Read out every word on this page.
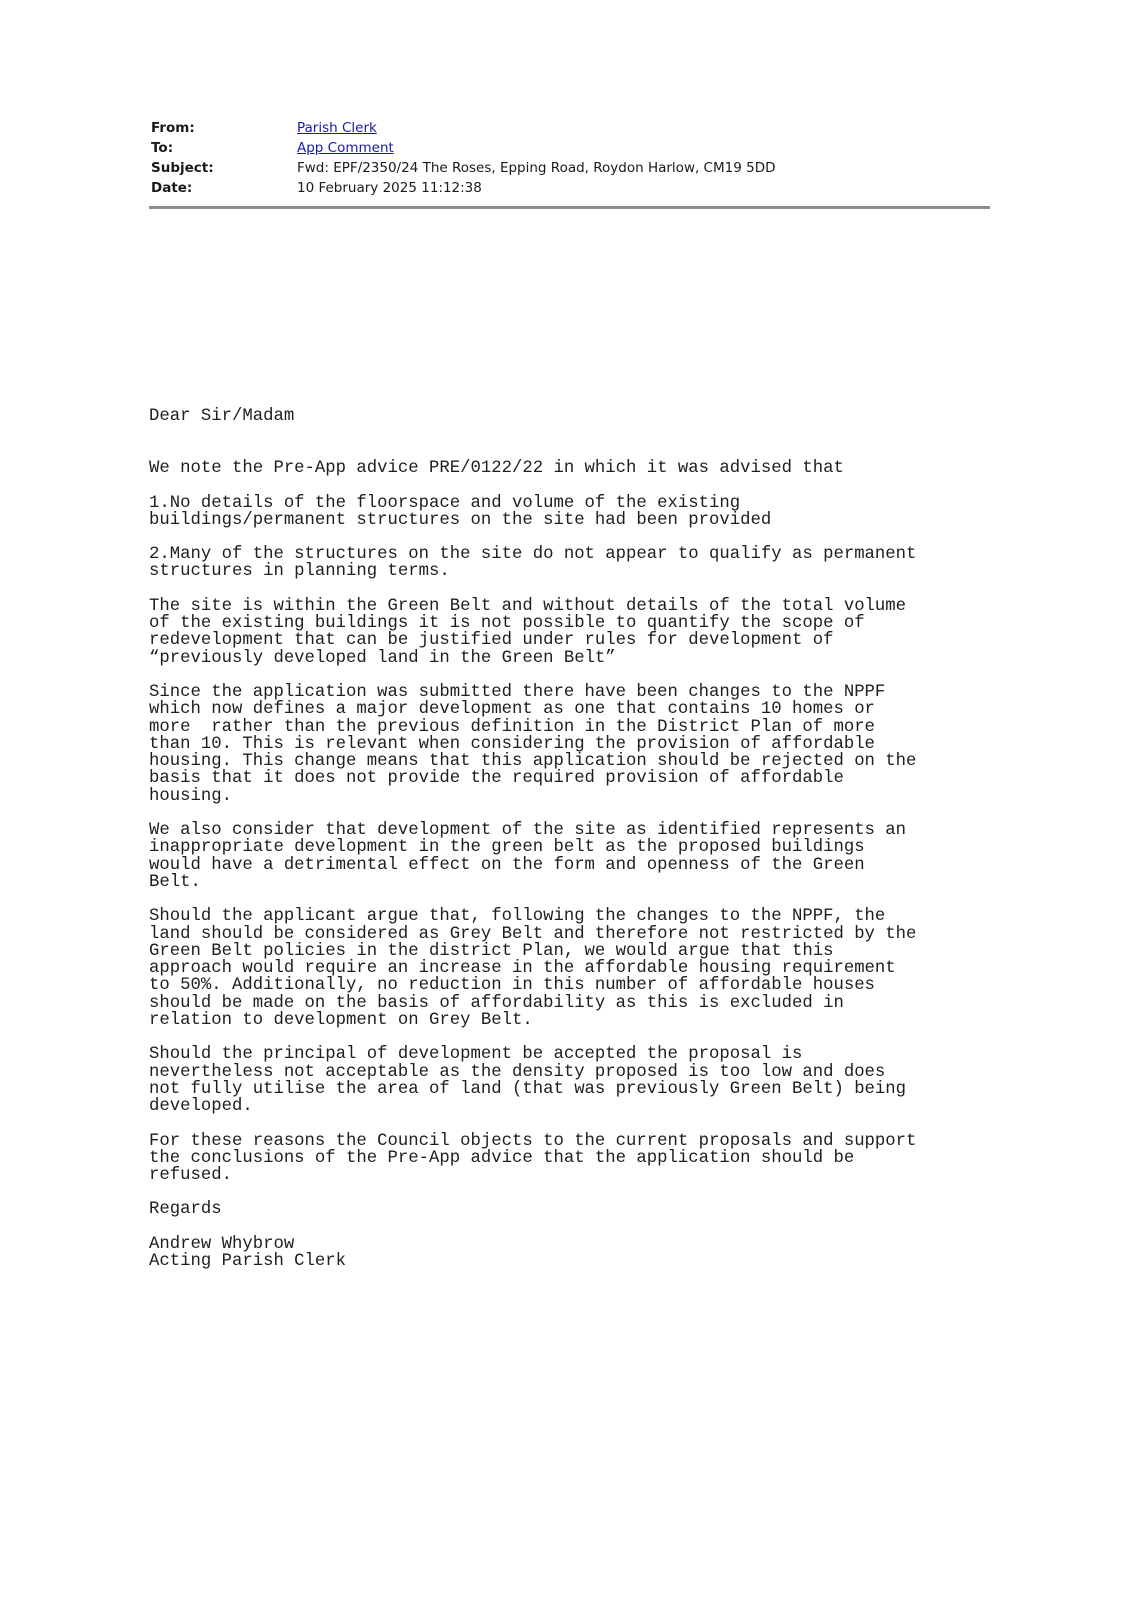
From:	Parish Clerk
To:	App Comment
Subject:	Fwd: EPF/2350/24 The Roses, Epping Road, Roydon Harlow, CM19 5DD
Date:	10 February 2025 11:12:38
Dear Sir/Madam
We note the Pre-App advice PRE/0122/22 in which it was advised that
1.No details of the floorspace and volume of the existing
buildings/permanent structures on the site had been provided
2.Many of the structures on the site do not appear to qualify as permanent
structures in planning terms.
The site is within the Green Belt and without details of the total volume
of the existing buildings it is not possible to quantify the scope of
redevelopment that can be justified under rules for development of
“previously developed land in the Green Belt”
Since the application was submitted there have been changes to the NPPF
which now defines a major development as one that contains 10 homes or
more  rather than the previous definition in the District Plan of more
than 10. This is relevant when considering the provision of affordable
housing. This change means that this application should be rejected on the
basis that it does not provide the required provision of affordable
housing.
We also consider that development of the site as identified represents an
inappropriate development in the green belt as the proposed buildings
would have a detrimental effect on the form and openness of the Green
Belt.
Should the applicant argue that, following the changes to the NPPF, the
land should be considered as Grey Belt and therefore not restricted by the
Green Belt policies in the district Plan, we would argue that this
approach would require an increase in the affordable housing requirement
to 50%. Additionally, no reduction in this number of affordable houses
should be made on the basis of affordability as this is excluded in
relation to development on Grey Belt.
Should the principal of development be accepted the proposal is
nevertheless not acceptable as the density proposed is too low and does
not fully utilise the area of land (that was previously Green Belt) being
developed.
For these reasons the Council objects to the current proposals and support
the conclusions of the Pre-App advice that the application should be
refused.
Regards
Andrew Whybrow
Acting Parish Clerk
